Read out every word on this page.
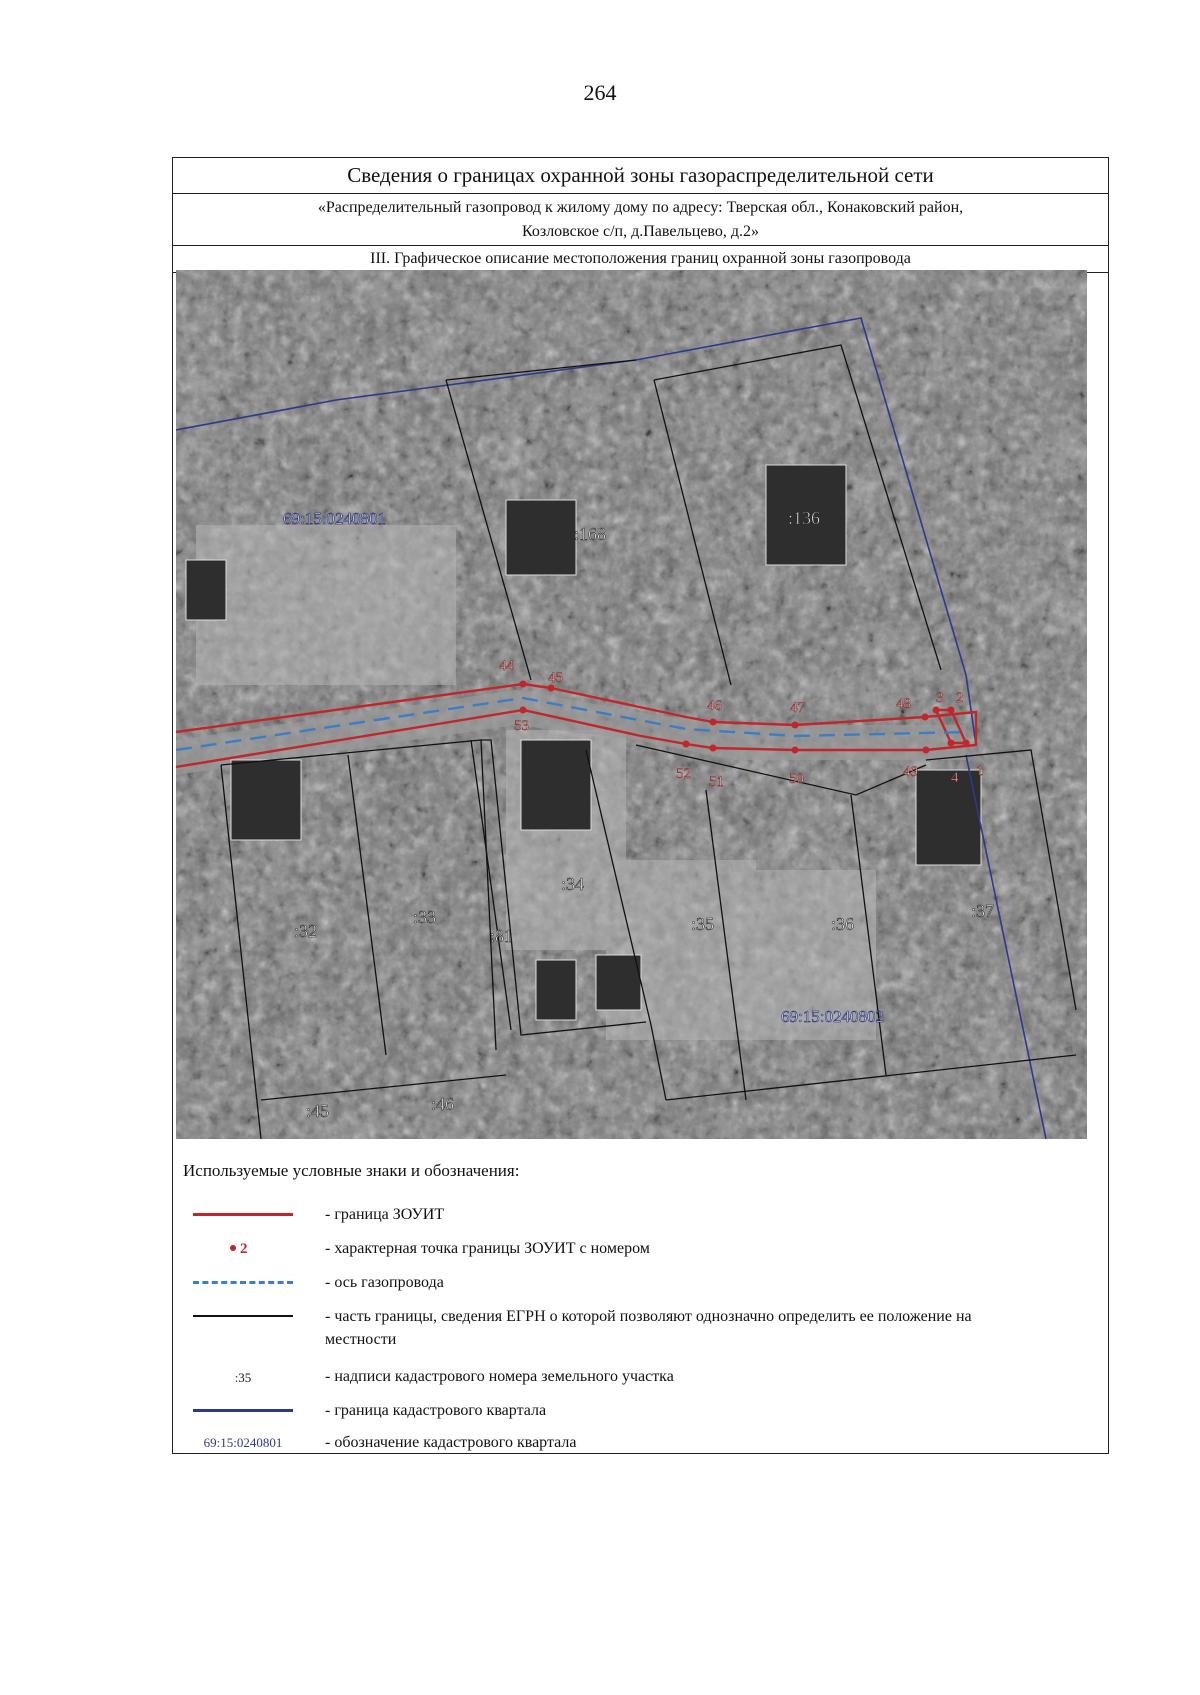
264
Сведения о границах охранной зоны газораспределительной сети
«Распределительный газопровод к жилому дому по адресу: Тверская обл., Конаковский район,
Козловское с/п, д.Павельцево, д.2»
III. Графическое описание местоположения границ охранной зоны газопровода
1
2
3
4
44
45
46	47	48
49
50
51
52
53
:168
:136
:32
:33
:81
:34
:35	:36
:37
:45	:46
69:15:0240801
69:15:0240802
Используемые условные знаки и обозначения:
- граница ЗОУИТ
2	- характерная точка границы ЗОУИТ с номером
- ось газопровода
- часть границы, сведения ЕГРН о которой позволяют однозначно определить ее положение на местности
:35	- надписи кадастрового номера земельного участка
- граница кадастрового квартала
69:15:0240801	- обозначение кадастрового квартала
